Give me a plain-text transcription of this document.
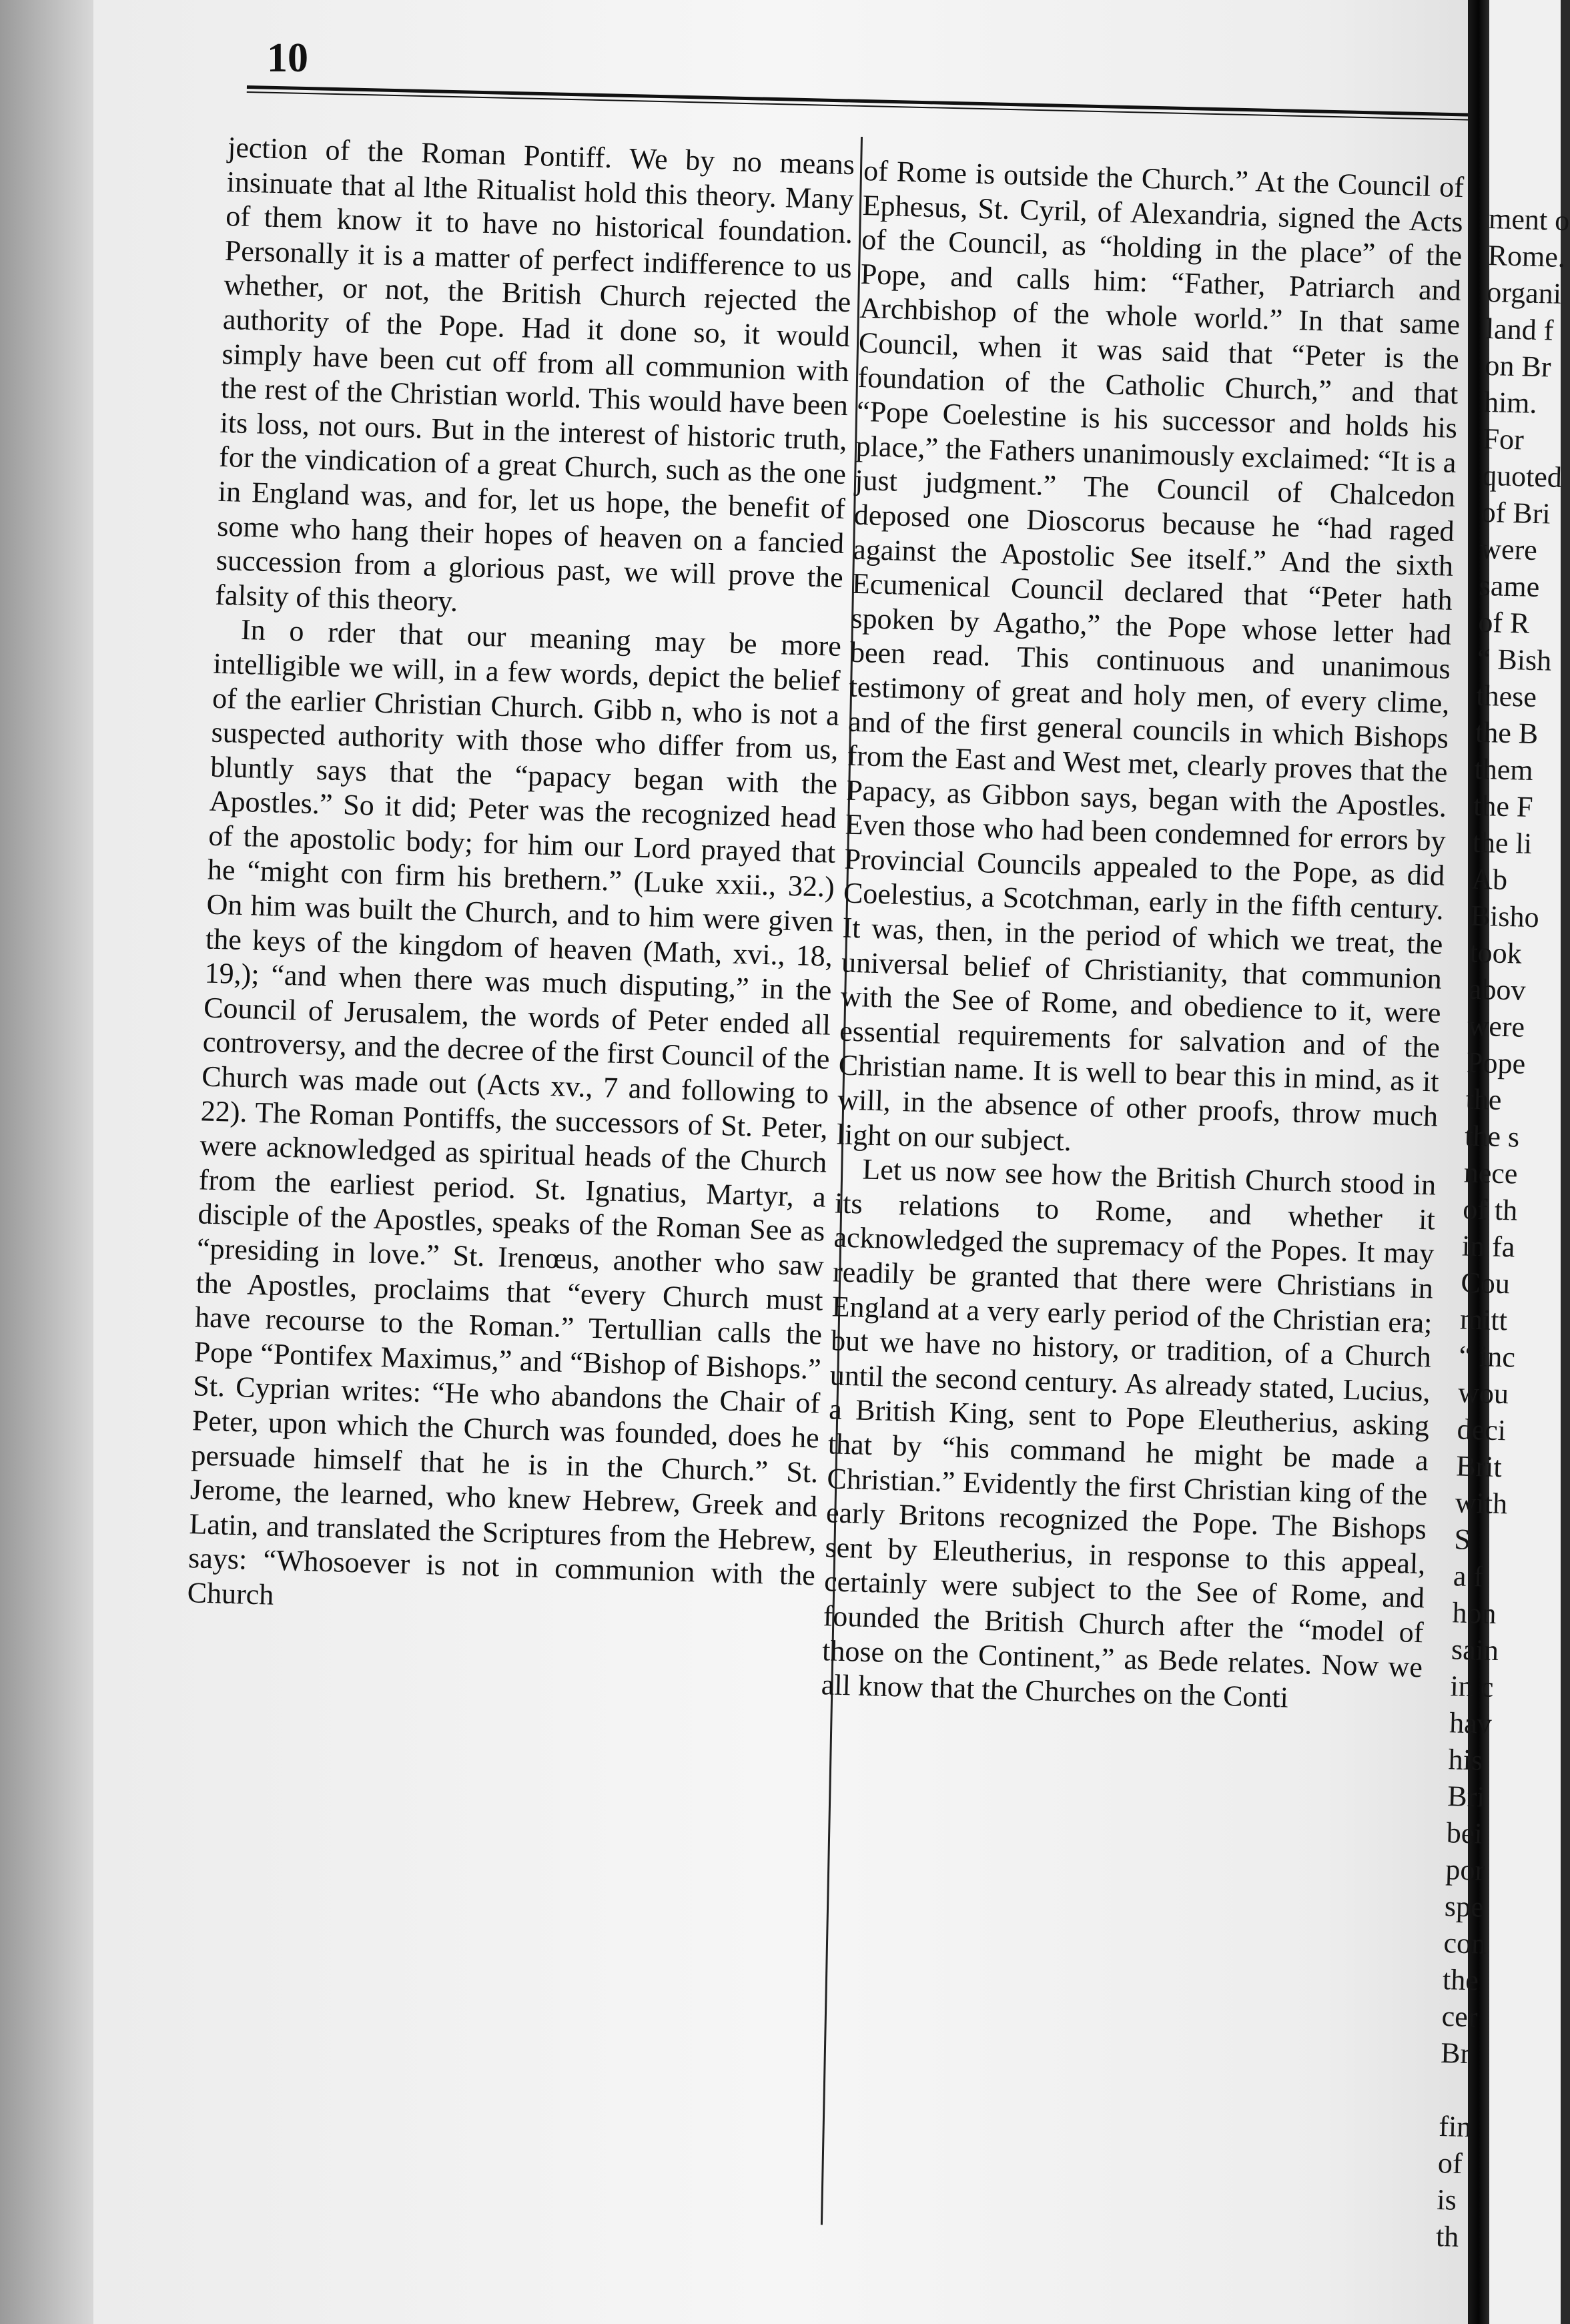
10

jection of the Roman Pontiff. We by no means insinuate that al lthe Ritualist hold this theory. Many of them know it to have no historical foundation. Personally it is a matter of perfect indifference to us whether, or not, the British Church rejected the authority of the Pope. Had it done so, it would simply have been cut off from all communion with the rest of the Christian world. This would have been its loss, not ours. But in the interest of historic truth, for the vindication of a great Church, such as the one in England was, and for, let us hope, the benefit of some who hang their hopes of heaven on a fancied succession from a glorious past, we will prove the falsity of this theory.

In o rder that our meaning may be more intelligible we will, in a few words, depict the belief of the earlier Christian Church. Gibb n, who is not a suspected authority with those who differ from us, bluntly says that the “papacy began with the Apostles.” So it did; Peter was the recognized head of the apostolic body; for him our Lord prayed that he “might con firm his brethern.” (Luke xxii., 32.) On him was built the Church, and to him were given the keys of the kingdom of heaven (Math, xvi., 18, 19,); “and when there was much disputing,” in the Council of Jerusalem, the words of Peter ended all controversy, and the decree of the first Council of the Church was made out (Acts xv., 7 and following to 22). The Roman Pontiffs, the successors of St. Peter, were acknowledged as spiritual heads of the Church from the earliest period. St. Ignatius, Martyr, a disciple of the Apostles, speaks of the Roman See as “presiding in love.” St. Irenœus, another who saw the Apostles, proclaims that “every Church must have recourse to the Roman.” Tertullian calls the Pope “Pontifex Maximus,” and “Bishop of Bishops.” St. Cyprian writes: “He who abandons the Chair of Peter, upon which the Church was founded, does he persuade himself that he is in the Church.” St. Jerome, the learned, who knew Hebrew, Greek and Latin, and translated the Scriptures from the Hebrew, says: “Whosoever is not in communion with the Church

of Rome is outside the Church.” At the Council of Ephesus, St. Cyril, of Alexandria, signed the Acts of the Council, as “holding in the place” of the Pope, and calls him: “Father, Patriarch and Archbishop of the whole world.” In that same Council, when it was said that “Peter is the foundation of the Catholic Church,” and that “Pope Coelestine is his successor and holds his place,” the Fathers unanimously exclaimed: “It is a just judgment.” The Council of Chalcedon deposed one Dioscorus because he “had raged against the Apostolic See itself.” And the sixth Ecumenical Council declared that “Peter hath spoken by Agatho,” the Pope whose letter had been read. This continuous and unanimous testimony of great and holy men, of every clime, and of the first general councils in which Bishops from the East and West met, clearly proves that the Papacy, as Gibbon says, began with the Apostles. Even those who had been condemned for errors by Provincial Councils appealed to the Pope, as did Coelestius, a Scotchman, early in the fifth century. It was, then, in the period of which we treat, the universal belief of Christianity, that communion with the See of Rome, and obedience to it, were essential requirements for salvation and of the Christian name. It is well to bear this in mind, as it will, in the absence of other proofs, throw much light on our subject.

Let us now see how the British Church stood in its relations to Rome, and whether it acknowledged the supremacy of the Popes. It may readily be granted that there were Christians in England at a very early period of the Christian era; but we have no history, or tradition, of a Church until the second century. As already stated, Lucius, a British King, sent to Pope Eleutherius, asking that by “his command he might be made a Christian.” Evidently the first Christian king of the early Britons recognized the Pope. The Bishops sent by Eleutherius, in response to this appeal, certainly were subject to the See of Rome, and founded the British Church after the “model of those on the Continent,” as Bede relates. Now we all know that the Churches on the Conti

ment o
Rome.
organi
land f
on Br
him.
For
quoted
of Bri
were
same
of R
“ Bish
these
the B
them
the F
the li
Ab
Bisho
took
abov
were
Pope
the
the s
nece
of th
in fa
Cou
mitt
“ inc
wou
deci
Brit
with
S
a f
hon
sain
in c
hav
his
Bri
bei
por
spe
con
the
cer
Br

fin
of
is
th
